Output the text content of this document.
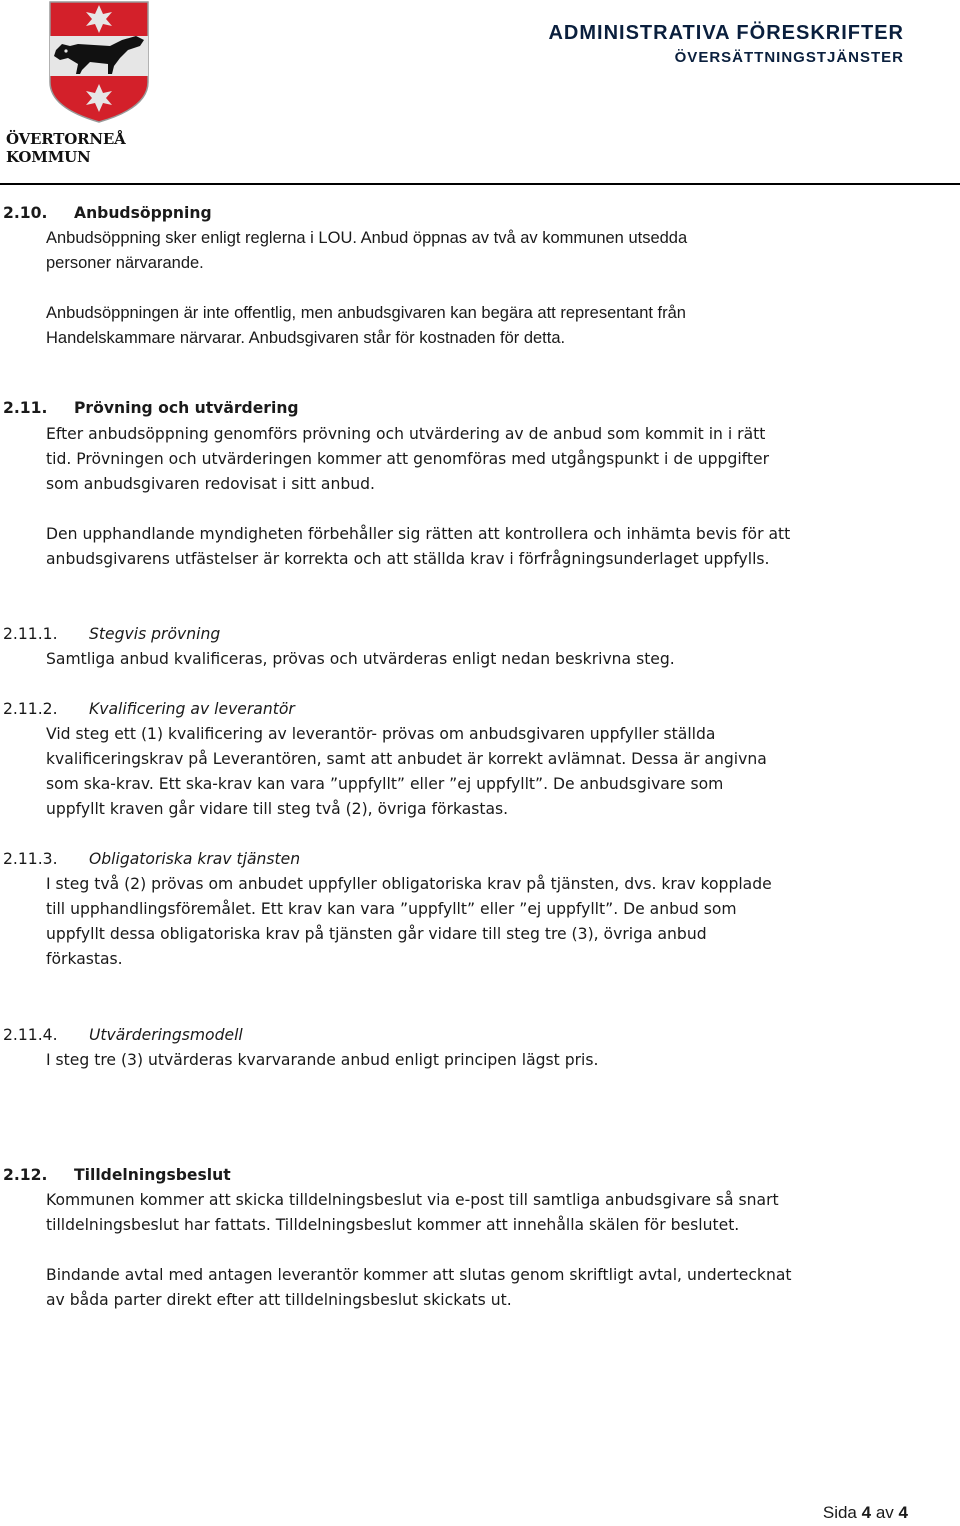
ÖVERTORNEÅ KOMMUN
ADMINISTRATIVA FÖRESKRIFTER
ÖVERSÄTTNINGSTJÄNSTER
2.10. Anbudsöppning
Anbudsöppning sker enligt reglerna i LOU. Anbud öppnas av två av kommunen utsedda
personer närvarande.
Anbudsöppningen är inte offentlig, men anbudsgivaren kan begära att representant från
Handelskammare närvarar. Anbudsgivaren står för kostnaden för detta.
2.11. Prövning och utvärdering
Efter anbudsöppning genomförs prövning och utvärdering av de anbud som kommit in i rätt
tid. Prövningen och utvärderingen kommer att genomföras med utgångspunkt i de uppgifter
som anbudsgivaren redovisat i sitt anbud.
Den upphandlande myndigheten förbehåller sig rätten att kontrollera och inhämta bevis för att
anbudsgivarens utfästelser är korrekta och att ställda krav i förfrågningsunderlaget uppfylls.
2.11.1. Stegvis prövning
Samtliga anbud kvalificeras, prövas och utvärderas enligt nedan beskrivna steg.
2.11.2. Kvalificering av leverantör
Vid steg ett (1) kvalificering av leverantör- prövas om anbudsgivaren uppfyller ställda
kvalificeringskrav på Leverantören, samt att anbudet är korrekt avlämnat. Dessa är angivna
som ska-krav. Ett ska-krav kan vara ”uppfyllt” eller ”ej uppfyllt”. De anbudsgivare som
uppfyllt kraven går vidare till steg två (2), övriga förkastas.
2.11.3. Obligatoriska krav tjänsten
I steg två (2) prövas om anbudet uppfyller obligatoriska krav på tjänsten, dvs. krav kopplade
till upphandlingsföremålet. Ett krav kan vara ”uppfyllt” eller ”ej uppfyllt”. De anbud som
uppfyllt dessa obligatoriska krav på tjänsten går vidare till steg tre (3), övriga anbud
förkastas.
2.11.4. Utvärderingsmodell
I steg tre (3) utvärderas kvarvarande anbud enligt principen lägst pris.
2.12. Tilldelningsbeslut
Kommunen kommer att skicka tilldelningsbeslut via e-post till samtliga anbudsgivare så snart
tilldelningsbeslut har fattats. Tilldelningsbeslut kommer att innehålla skälen för beslutet.
Bindande avtal med antagen leverantör kommer att slutas genom skriftligt avtal, undertecknat
av båda parter direkt efter att tilldelningsbeslut skickats ut.
Sida 4 av 4
